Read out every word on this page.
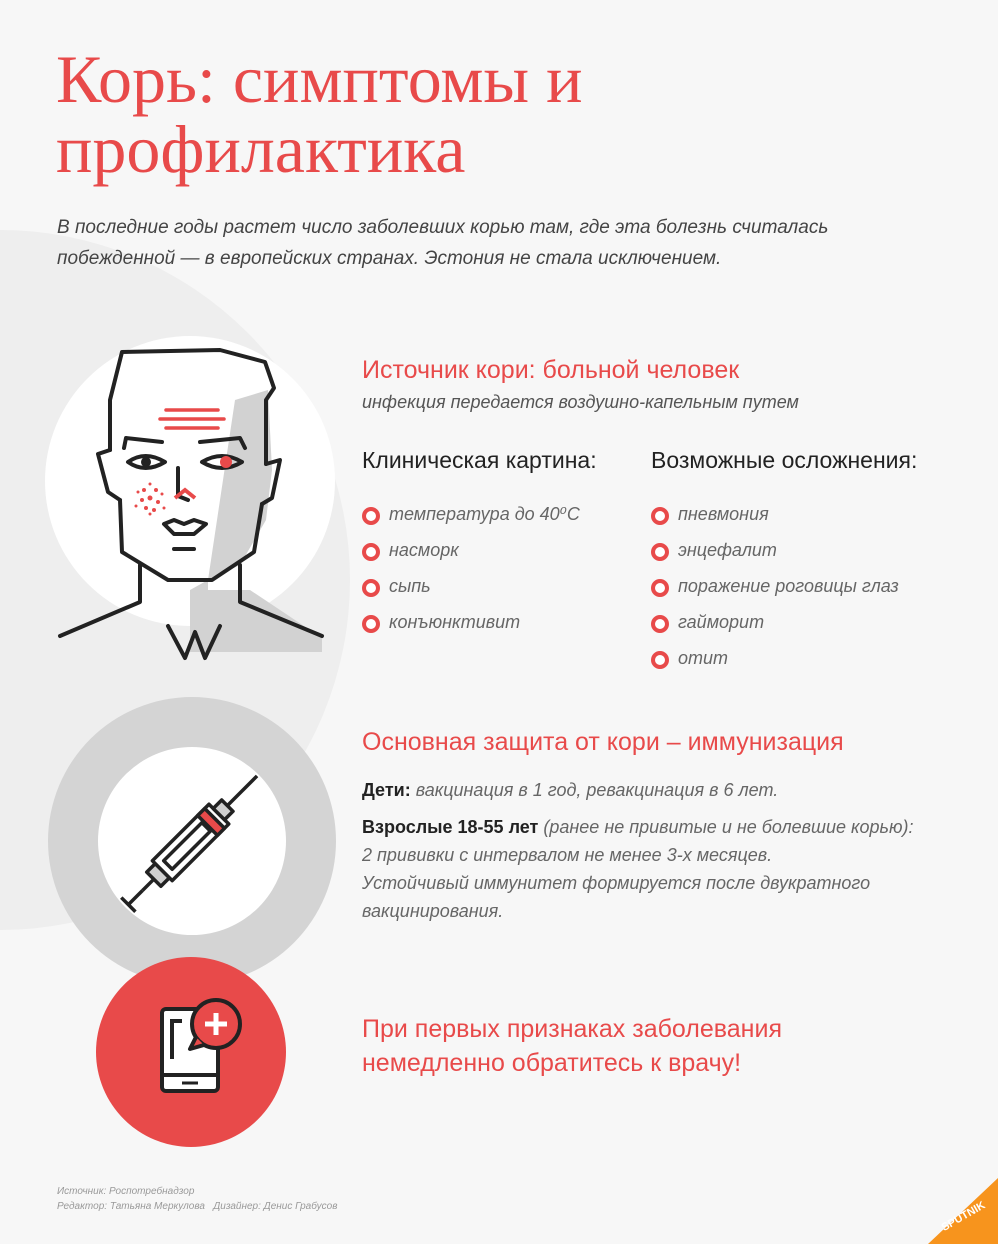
Корь: симптомы и профилактика

В последние годы растет число заболевших корью там, где эта болезнь считалась побежденной — в европейских странах. Эстония не стала исключением.

Источник кори: больной человек

инфекция передается воздушно-капельным путем

Клиническая картина:
температура до 40⁰С
насморк
сыпь
конъюнктивит
Возможные осложнения:
пневмония
энцефалит
поражение роговицы глаз
гайморит
отит
Основная защита от кори – иммунизация

Дети: вакцинация в 1 год, ревакцинация в 6 лет.

Взрослые 18-55 лет (ранее не привитые и не болевшие корью):

2 прививки с интервалом не менее 3-х месяцев.

Устойчивый иммунитет формируется после двукратного вакцинирования.

При первых признаках заболевания
немедленно обратитесь к врачу!

Источник: Роспотребнадзор

Редактор: Татьяна Меркулова Дизайнер: Денис Грабусов	SPUTNIK
